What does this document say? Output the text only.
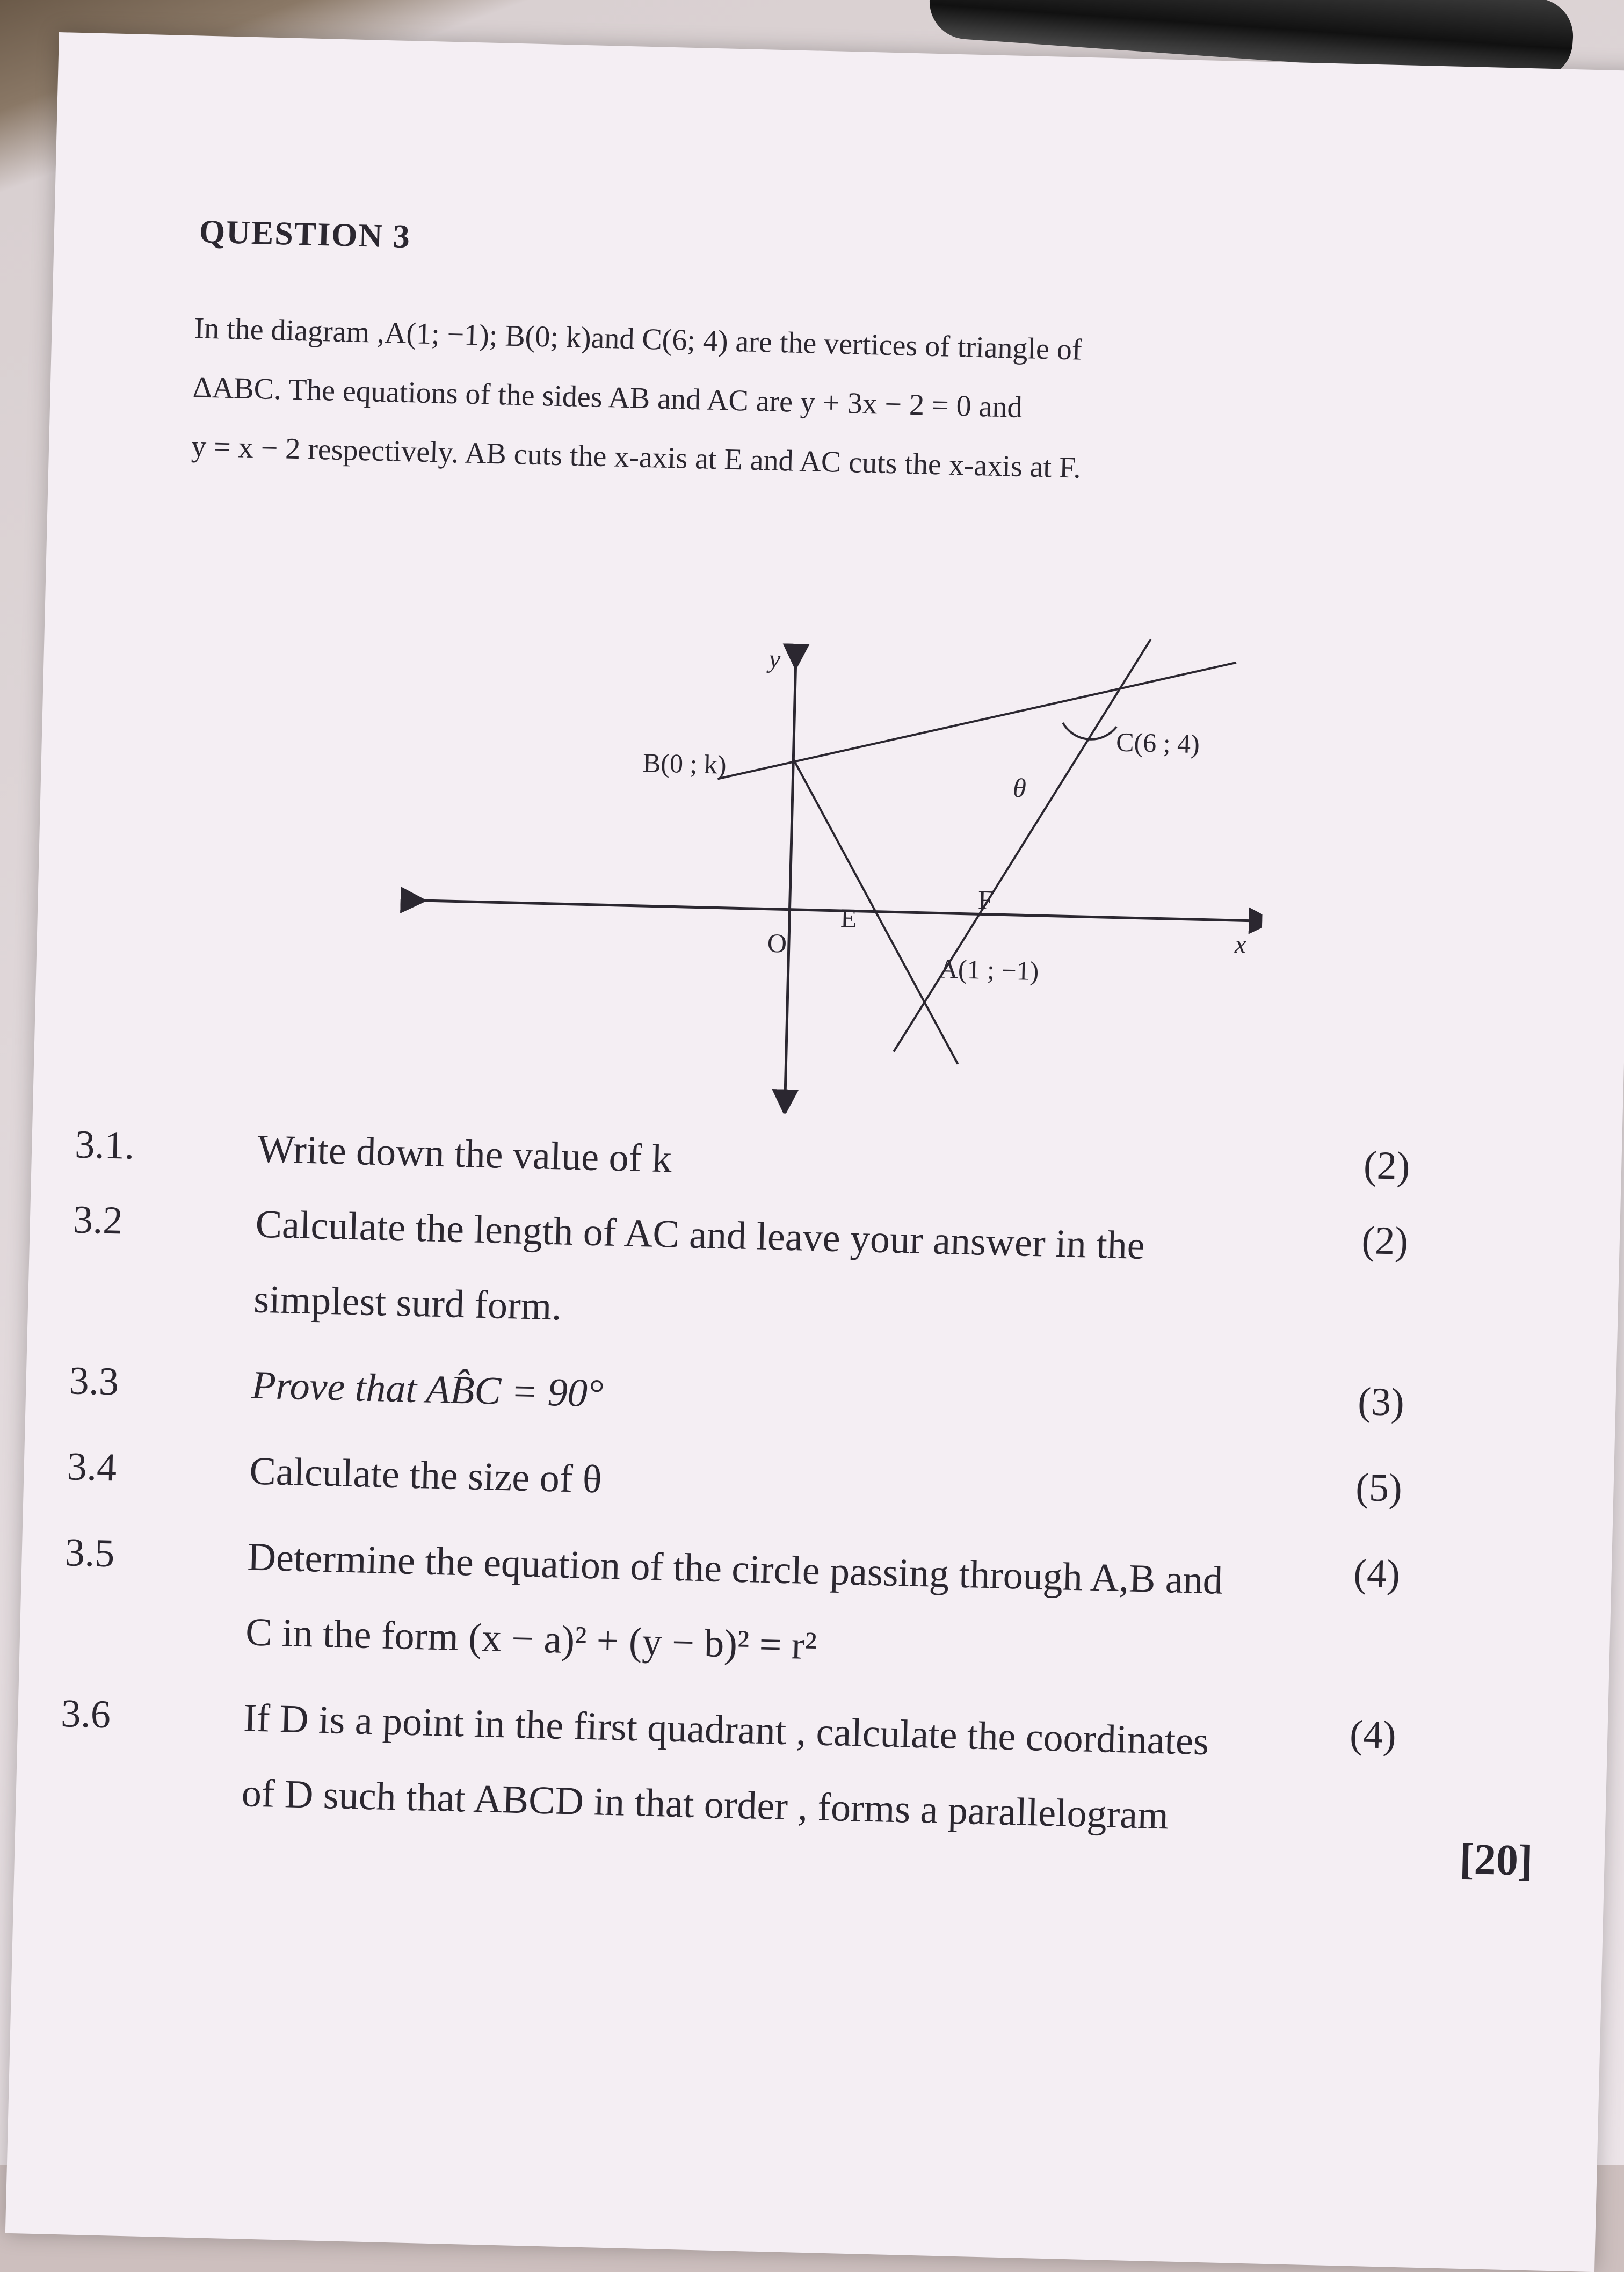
QUESTION 3

In the diagram ,A(1; −1); B(0; k)and C(6; 4) are the vertices of triangle of

ΔABC. The equations of the sides AB and AC are y + 3x − 2 = 0 and

y = x − 2 respectively. AB cuts the x-axis at E and AC cuts the x-axis at F.

y
x
O
B(0 ; k)
C(6 ; 4)
A(1 ; −1)
E
F
θ
3.1.	Write down the value of k	(2)
3.2	Calculate the length of AC and leave your answer in the
simplest surd form.
(2)
3.3	Prove that AB̂C = 90°	(3)
3.4	Calculate the size of θ	(5)
3.5	Determine the equation of the circle passing through A,B and
C in the form (x − a)² + (y − b)² = r²
(4)
3.6	If D is a point in the first quadrant , calculate the coordinates
of D such that ABCD in that order , forms a parallelogram
(4)
[20]
